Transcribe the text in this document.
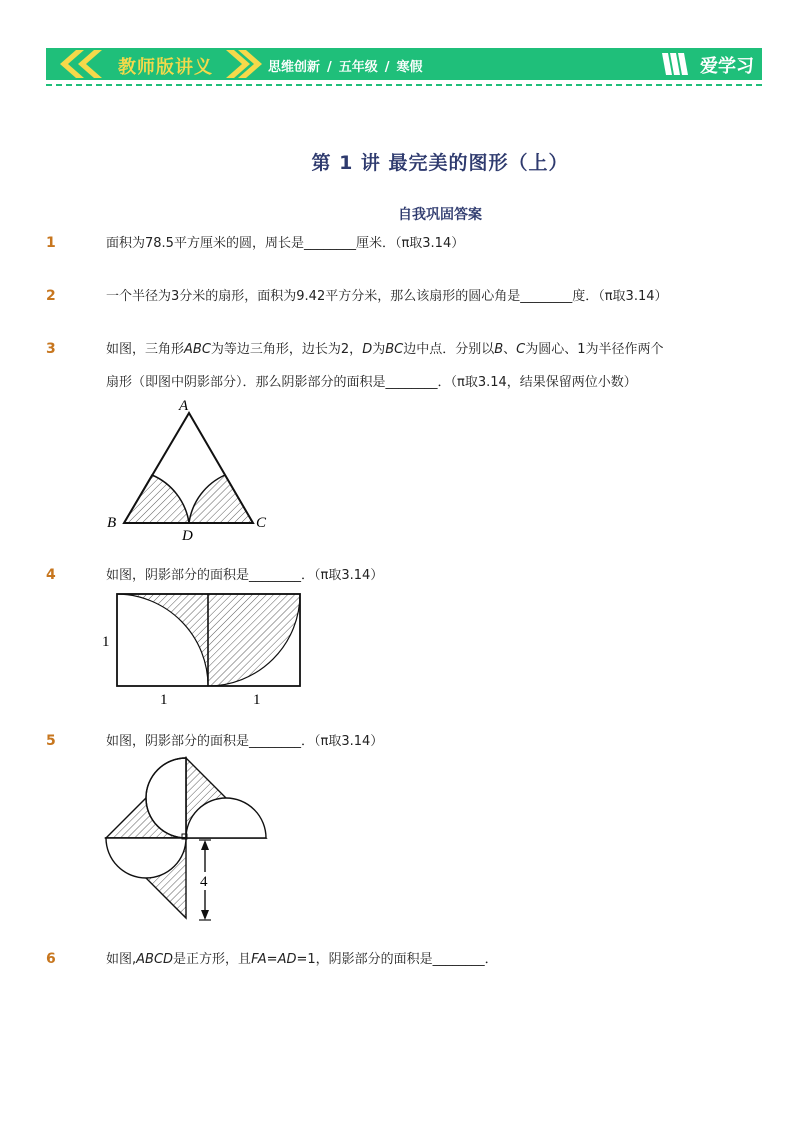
教师版讲义	思维创新 / 五年级 / 寒假	爱学习
第 1 讲 最完美的图形（上）
自我巩固答案
1	面积为78.5平方厘米的圆，周长是________厘米．（π取3.14）
2	一个半径为3分米的扇形，面积为9.42平方分米，那么该扇形的圆心角是________度．（π取3.14）
3	如图，三角形ABC为等边三角形，边长为2，D为BC边中点．分别以B、C为圆心、1为半径作两个
扇形（即图中阴影部分）．那么阴影部分的面积是________．（π取3.14，结果保留两位小数）
A
B	C
D
4	如图，阴影部分的面积是________．（π取3.14）
1
1	1
5	如图，阴影部分的面积是________．（π取3.14）
4
6	如图,ABCD是正方形，且FA=AD=1，阴影部分的面积是________．
